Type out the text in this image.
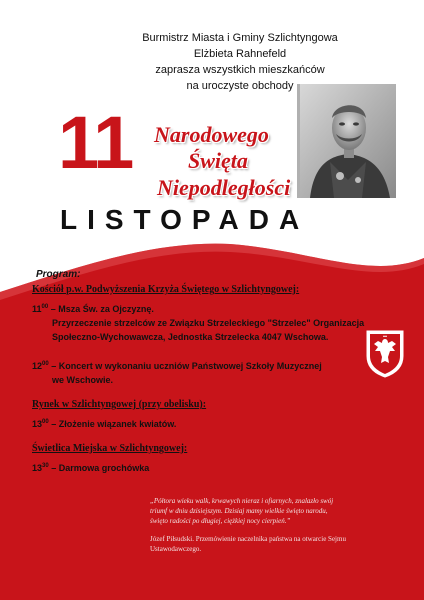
Burmistrz Miasta i Gminy Szlichtyngowa
Elżbieta Rahnefeld
zaprasza wszystkich mieszkańców
na uroczyste obchody
11 Narodowego
Święta
Niepodległości
LISTOPADA
Program:
Kościół p.w. Podwyższenia Krzyża Świętego w Szlichtyngowej:
$11^{00}$ – Msza Św. za Ojczyznę.
Przyrzeczenie strzelców ze Związku Strzeleckiego "Strzelec" Organizacja
Społeczno-Wychowawcza, Jednostka Strzelecka 4047 Wschowa.
$12^{00}$ – Koncert w wykonaniu uczniów Państwowej Szkoły Muzycznej
we Wschowie.
Rynek w Szlichtyngowej (przy obelisku):
$13^{00}$ – Złożenie wiązanek kwiatów.
Świetlica Miejska w Szlichtyngowej:
$13^{30}$ – Darmowa grochówka
„Półtora wieku walk, krwawych nieraz i ofiarnych, znalazło swój
triumf w dniu dzisiejszym. Dzisiaj mamy wielkie święto narodu,
święto radości po długiej, ciężkiej nocy cierpień.”
Józef Piłsudski. Przemówienie naczelnika państwa na otwarcie Sejmu
Ustawodawczego.
